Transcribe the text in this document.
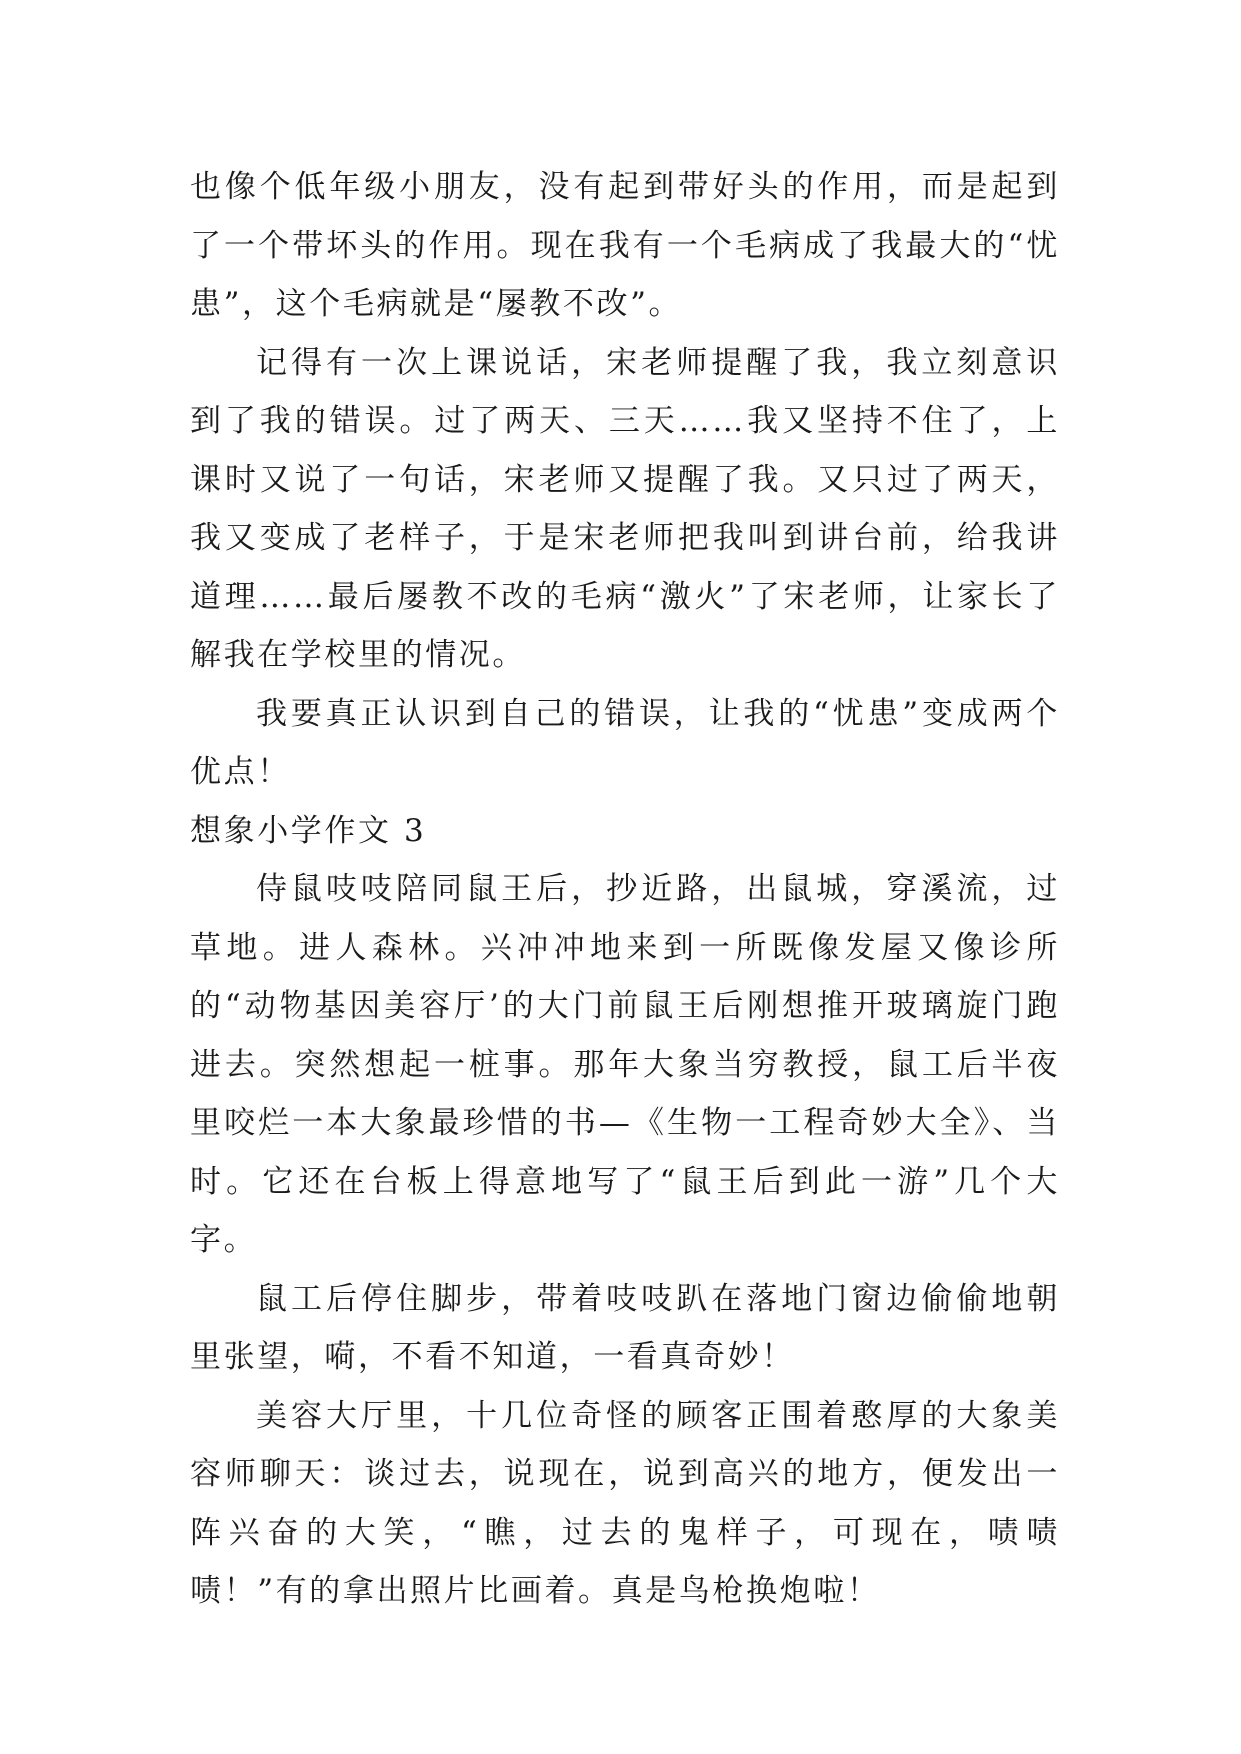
也像个低年级小朋友，没有起到带好头的作用，而是起到了一个带坏头的作用。现在我有一个毛病成了我最大的“忧患”，这个毛病就是“屡教不改”。

记得有一次上课说话，宋老师提醒了我，我立刻意识到了我的错误。过了两天、三天……我又坚持不住了，上课时又说了一句话，宋老师又提醒了我。又只过了两天，我又变成了老样子，于是宋老师把我叫到讲台前，给我讲道理……最后屡教不改的毛病“激火”了宋老师，让家长了解我在学校里的情况。

我要真正认识到自己的错误，让我的“忧患”变成两个优点！

想象小学作文 3

侍鼠吱吱陪同鼠王后，抄近路，出鼠城，穿溪流，过草地。进人森林。兴冲冲地来到一所既像发屋又像诊所的“动物基因美容厅’的大门前鼠王后刚想推开玻璃旋门跑进去。突然想起一桩事。那年大象当穷教授，鼠工后半夜里咬烂一本大象最珍惜的书—《生物一工程奇妙大全》、当时。它还在台板上得意地写了“鼠王后到此一游”几个大字。

鼠工后停住脚步，带着吱吱趴在落地门窗边偷偷地朝里张望，嗬，不看不知道，一看真奇妙！

美容大厅里，十几位奇怪的顾客正围着憨厚的大象美容师聊天：谈过去，说现在，说到高兴的地方，便发出一阵兴奋的大笑，“瞧，过去的鬼样子，可现在，啧啧啧！”有的拿出照片比画着。真是鸟枪换炮啦！
